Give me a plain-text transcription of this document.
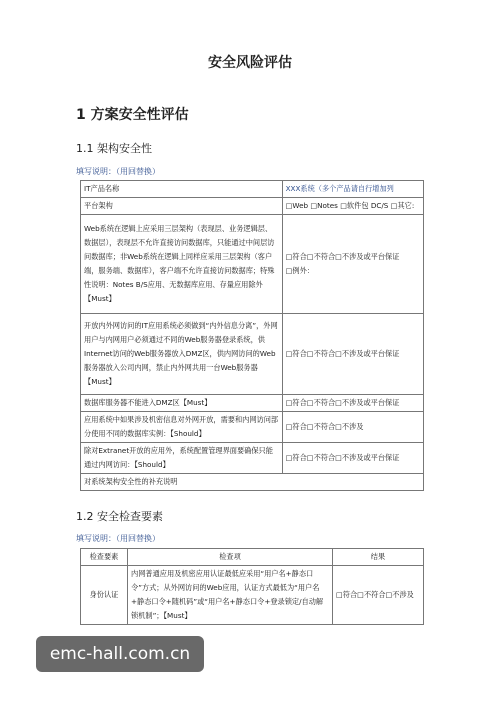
安全风险评估
1 方案安全性评估
1.1 架构安全性
填写说明：（用回替换）
IT产品名称	XXX系统（多个产品请自行增加列
平台架构	□Web □Notes □软件包 DC/S □其它:
Web系统在逻辑上应采用三层架构（表现层、业务逻辑层、数据层），表现层不允许直接访问数据库，只能通过中间层访问数据库；非Web系统在逻辑上同样应采用三层架构（客户端，服务端、数据库），客户端不允许直接访问数据库；特殊性说明：Notes B/S应用、无数据库应用、存量应用除外【Must】	□符合□不符合□不涉及或平台保证
□例外：

开放内外网访问的IT应用系统必须做到“内外信息分离”，外网用户与内网用户必须通过不同的Web服务器登录系统，供Internet访问的Web服务器放入DMZ区，供内网访问的Web服务器放入公司内网，禁止内外网共用一台Web服务器【Must】	□符合□不符合□不涉及或平台保证
数据库服务器不能进入DMZ区【Must】	□符合□不符合□不涉及或平台保证
应用系统中如果涉及机密信息对外网开放，需要和内网访问部分使用不同的数据库实例：【Should】	□符合□不符合□不涉及
除对Extranet开放的应用外，系统配置管理界面要确保只能通过内网访问：【Should】	□符合□不符合□不涉及或平台保证
对系统架构安全性的补充说明	
1.2 安全检查要素
填写说明：（用回替换）
检查要素	检查项	结果
身份认证	内网普通应用及机密应用认证最低应采用“用户名+静态口令”方式；从外网访问的Web应用，认证方式最低为“用户名+静态口令+随机码”或“用户名+静态口令+登录锁定/自动解锁机制”；【Must】	□符合□不符合□不涉及
emc-hall.com.cn
